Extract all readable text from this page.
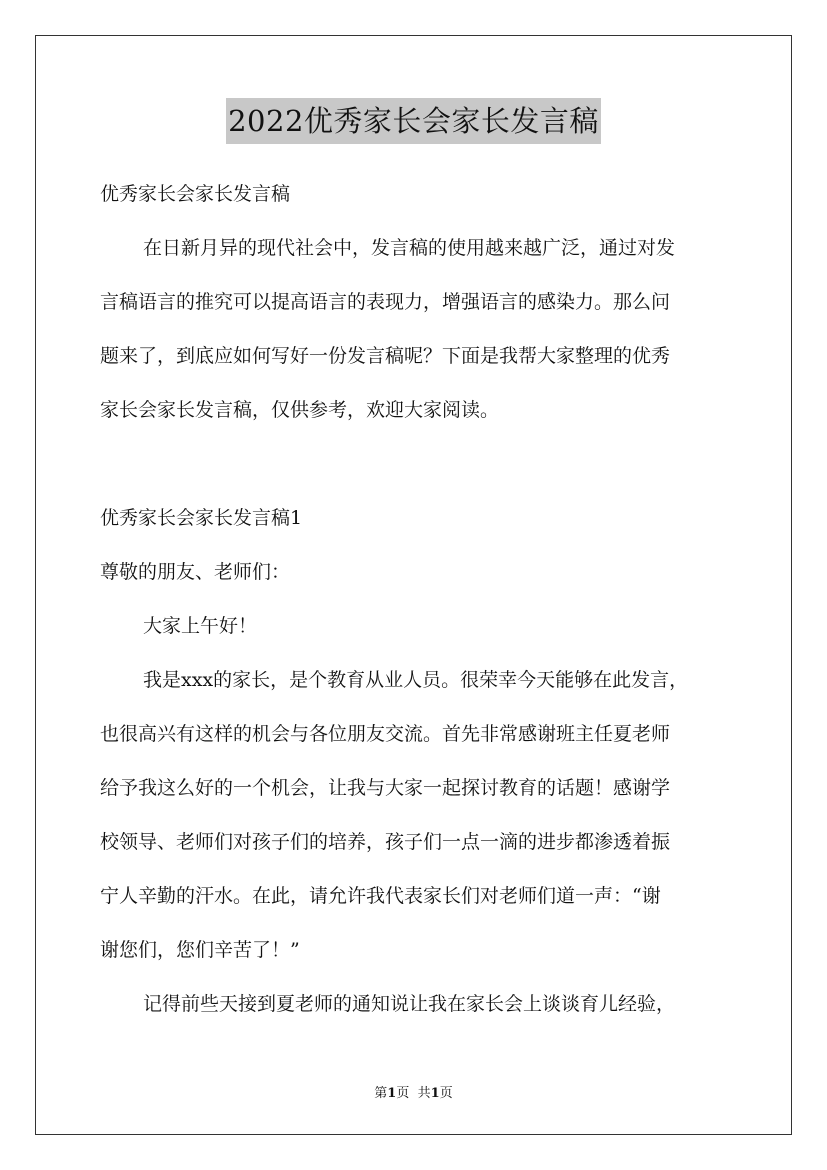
2022优秀家长会家长发言稿
优秀家长会家长发言稿
在日新月异的现代社会中，发言稿的使用越来越广泛，通过对发
言稿语言的推究可以提高语言的表现力，增强语言的感染力。那么问
题来了，到底应如何写好一份发言稿呢？下面是我帮大家整理的优秀
家长会家长发言稿，仅供参考，欢迎大家阅读。
优秀家长会家长发言稿1
尊敬的朋友、老师们：
大家上午好！
我是xxx的家长，是个教育从业人员。很荣幸今天能够在此发言，
也很高兴有这样的机会与各位朋友交流。首先非常感谢班主任夏老师
给予我这么好的一个机会，让我与大家一起探讨教育的话题！感谢学
校领导、老师们对孩子们的培养，孩子们一点一滴的进步都渗透着振
宁人辛勤的汗水。在此，请允许我代表家长们对老师们道一声：“谢
谢您们，您们辛苦了！”
记得前些天接到夏老师的通知说让我在家长会上谈谈育儿经验，
第1页 共1页
